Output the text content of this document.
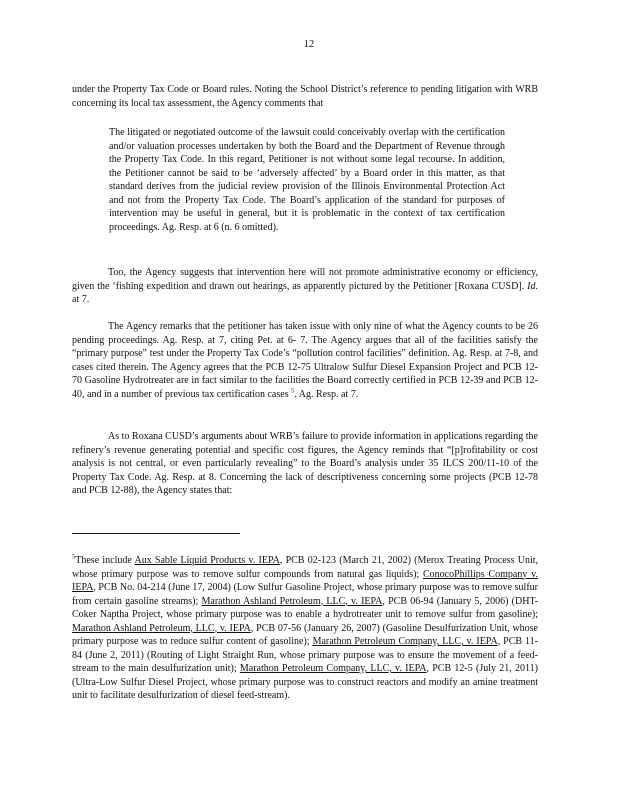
12

under the Property Tax Code or Board rules. Noting the School District’s reference to pending litigation with WRB concerning its local tax assessment, the Agency comments that

The litigated or negotiated outcome of the lawsuit could conceivably overlap with the certification and/or valuation processes undertaken by both the Board and the Department of Revenue through the Property Tax Code. In this regard, Petitioner is not without some legal recourse. In addition, the Petitioner cannot be said to be ‘adversely affected’ by a Board order in this matter, as that standard derives from the judicial review provision of the Illinois Environmental Protection Act and not from the Property Tax Code. The Board’s application of the standard for purposes of intervention may be useful in general, but it is problematic in the context of tax certification proceedings. Ag. Resp. at 6 (n. 6 omitted).

Too, the Agency suggests that intervention here will not promote administrative economy or efficiency, given the ‘fishing expedition and drawn out hearings, as apparently pictured by the Petitioner [Roxana CUSD]. Id. at 7.

The Agency remarks that the petitioner has taken issue with only nine of what the Agency counts to be 26 pending proceedings. Ag. Resp. at 7, citing Pet. at 6- 7. The Agency argues that all of the facilities satisfy the “primary purpose” test under the Property Tax Code’s “pollution control facilities” definition. Ag. Resp. at 7-8, and cases cited therein. The Agency agrees that the PCB 12-75 Ultralow Sulfur Diesel Expansion Project and PCB 12-70 Gasoline Hydrotreater are in fact similar to the facilities the Board correctly certified in PCB 12-39 and PCB 12-40, and in a number of previous tax certification cases $^5$. Ag. Resp. at 7.

As to Roxana CUSD’s arguments about WRB’s failure to provide information in applications regarding the refinery’s revenue generating potential and specific cost figures, the Agency reminds that “[p]rofitability or cost analysis is not central, or even particularly revealing” to the Board’s analysis under 35 ILCS 200/11-10 of the Property Tax Code. Ag. Resp. at 8. Concerning the lack of descriptiveness concerning some projects (PCB 12-78 and PCB 12-88), the Agency states that:

$^5$These include Aux Sable Liquid Products v. IEPA, PCB 02-123 (March 21, 2002) (Merox Treating Process Unit, whose primary purpose was to remove sulfur compounds from natural gas liquids); ConocoPhillips Company v. IEPA, PCB No. 04-214 (June 17, 2004) (Low Sulfur Gasoline Project, whose primary purpose was to remove sulfur from certain gasoline streams); Marathon Ashland Petroleum, LLC, v. IEPA, PCB 06-94 (January 5, 2006) (DHT-Coker Naptha Project, whose primary purpose was to enable a hydrotreater unit to remove sulfur from gasoline); Marathon Ashland Petroleum, LLC, v. IEPA, PCB 07-56 (January 26, 2007) (Gasoline Desulfurization Unit, whose primary purpose was to reduce sulfur content of gasoline); Marathon Petroleum Company, LLC, v. IEPA, PCB 11-84 (June 2, 2011) (Routing of Light Straight Run, whose primary purpose was to ensure the movement of a feed-stream to the main desulfurization unit); Marathon Petroleum Company, LLC, v. IEPA, PCB 12-5 (July 21, 2011) (Ultra-Low Sulfur Diesel Project, whose primary purpose was to construct reactors and modify an amine treatment unit to facilitate desulfurization of diesel feed-stream).
